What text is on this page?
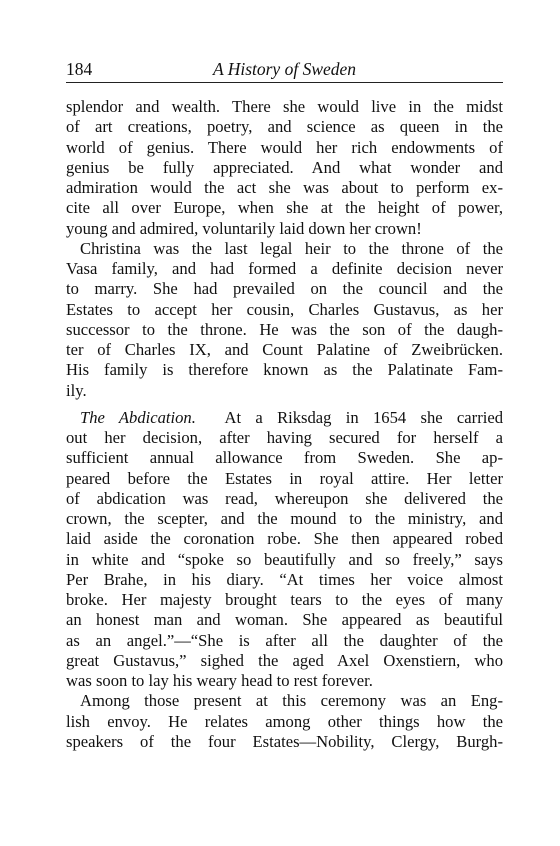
184	A History of Sweden
splendor and wealth. There she would live in the midst
of art creations, poetry, and science as queen in the
world of genius. There would her rich endowments of
genius be fully appreciated. And what wonder and
admiration would the act she was about to perform ex-
cite all over Europe, when she at the height of power,
young and admired, voluntarily laid down her crown!
Christina was the last legal heir to the throne of the
Vasa family, and had formed a definite decision never
to marry. She had prevailed on the council and the
Estates to accept her cousin, Charles Gustavus, as her
successor to the throne. He was the son of the daugh-
ter of Charles IX, and Count Palatine of Zweibrücken.
His family is therefore known as the Palatinate Fam-
ily.
The Abdication. At a Riksdag in 1654 she carried
out her decision, after having secured for herself a
sufficient annual allowance from Sweden. She ap-
peared before the Estates in royal attire. Her letter
of abdication was read, whereupon she delivered the
crown, the scepter, and the mound to the ministry, and
laid aside the coronation robe. She then appeared robed
in white and “spoke so beautifully and so freely,” says
Per Brahe, in his diary. “At times her voice almost
broke. Her majesty brought tears to the eyes of many
an honest man and woman. She appeared as beautiful
as an angel.”—“She is after all the daughter of the
great Gustavus,” sighed the aged Axel Oxenstiern, who
was soon to lay his weary head to rest forever.
Among those present at this ceremony was an Eng-
lish envoy. He relates among other things how the
speakers of the four Estates—Nobility, Clergy, Burgh-
